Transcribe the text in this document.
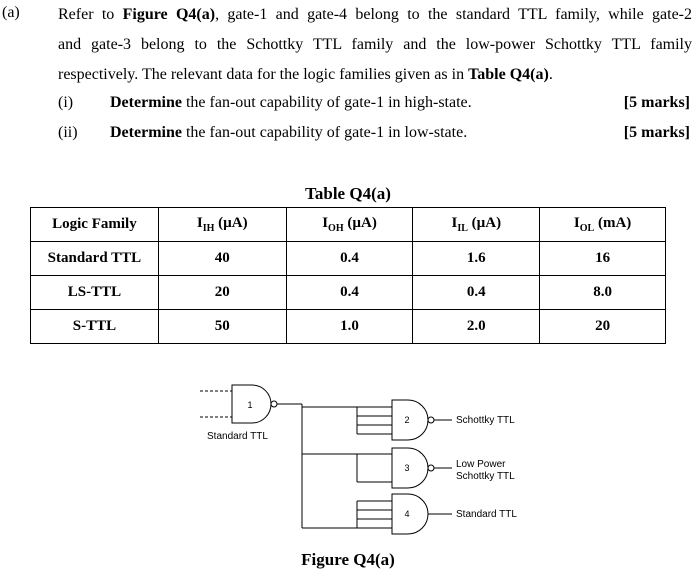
(a) Refer to Figure Q4(a), gate-1 and gate-4 belong to the standard TTL family, while gate-2
and gate-3 belong to the Schottky TTL family and the low-power Schottky TTL family
respectively. The relevant data for the logic families given as in Table Q4(a).
(i) Determine the fan-out capability of gate-1 in high-state.	[5 marks]
(ii) Determine the fan-out capability of gate-1 in low-state.	[5 marks]
Table Q4(a)
Logic Family	$I_{IH}$ (µA)	$I_{OH}$ (µA)	$I_{IL}$ (µA)	$I_{OL}$ (mA)
Standard TTL	40	0.4	1.6	16
LS-TTL	20	0.4	0.4	8.0
S-TTL	50	1.0	2.0	20
1
2
3
4
Standard TTL
Schottky TTL
Low Power
Schottky TTL
Standard TTL
Figure Q4(a)
